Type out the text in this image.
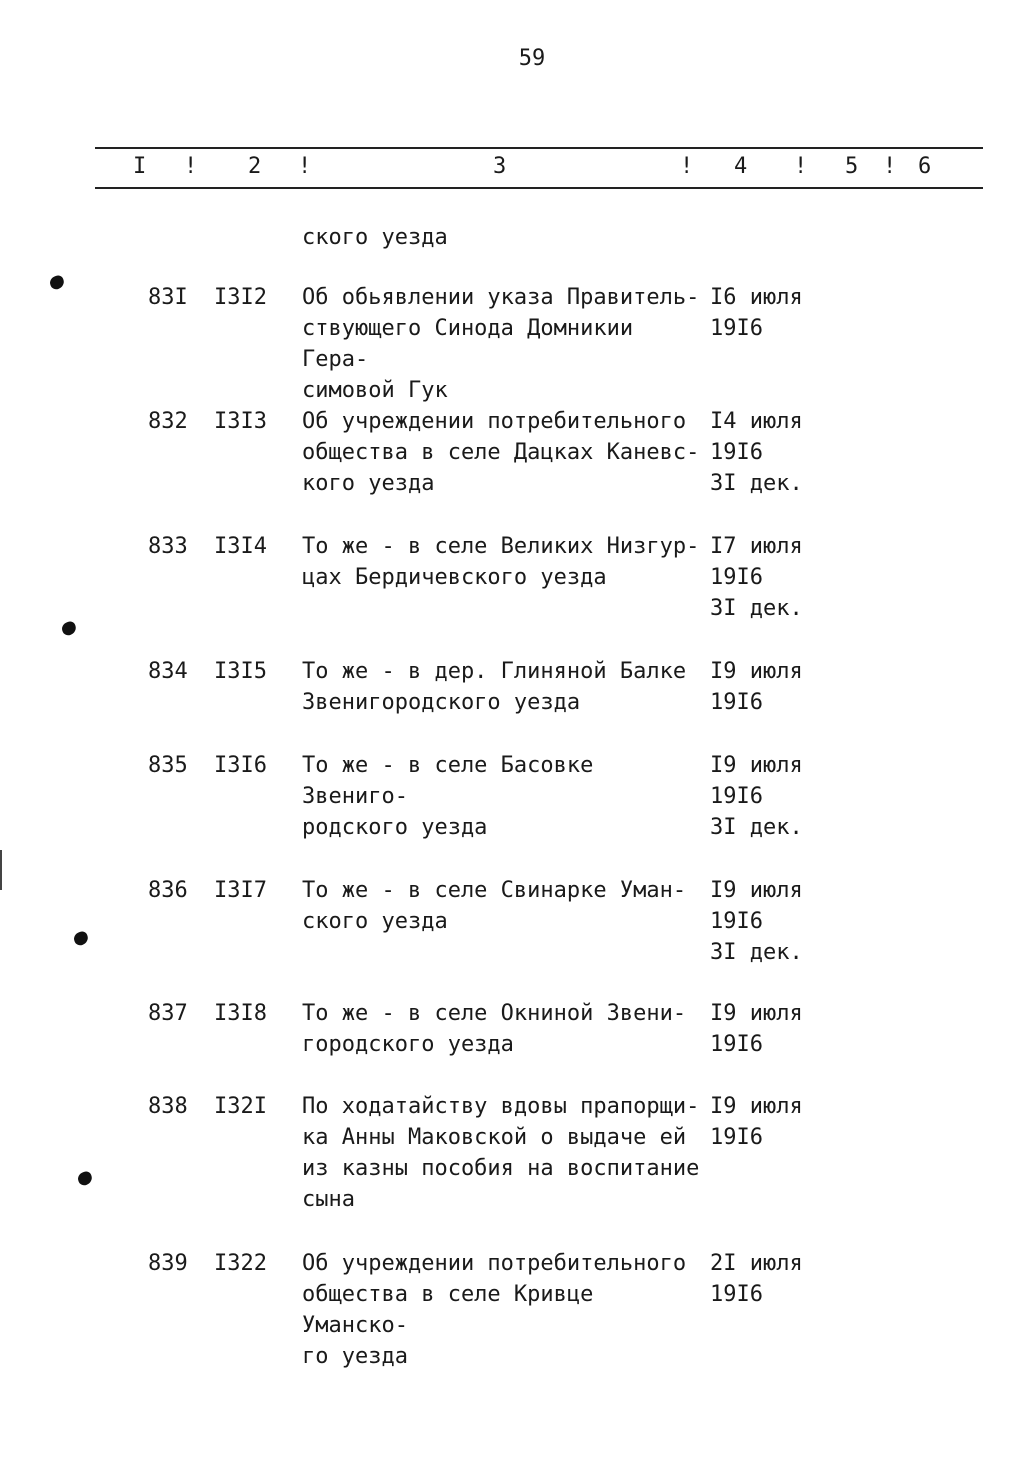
59
I ! 2 !	3	! 4 ! 5 ! 6
ского уезда
83I I3I2 Об обьявлении указа Правитель-
ствующего Синода Домникии Гера-
симовой Гук
I6 июля
19I6
832 I3I3 Об учреждении потребительного
общества в селе Дацках Каневс-
кого уезда
I4 июля
19I6
3I дек.
833 I3I4 То же - в селе Великих Низгур-
цах Бердичевского уезда
I7 июля
19I6
3I дек.
834 I3I5 То же - в дер. Глиняной Балке
Звенигородского уезда
I9 июля
19I6
835 I3I6 То же - в селе Басовке Звениго-
родского уезда
I9 июля
19I6
3I дек.
836 I3I7 То же - в селе Свинарке Уман-
ского уезда
I9 июля
19I6
3I дек.
837 I3I8 То же - в селе Окниной Звени-
городского уезда
I9 июля
19I6
838 I32I По ходатайству вдовы прапорщи-
ка Анны Маковской о выдаче ей
из казны пособия на воспитание
сына
I9 июля
19I6
839 I322 Об учреждении потребительного
общества в селе Кривце Уманско-
го уезда
2I июля
19I6
